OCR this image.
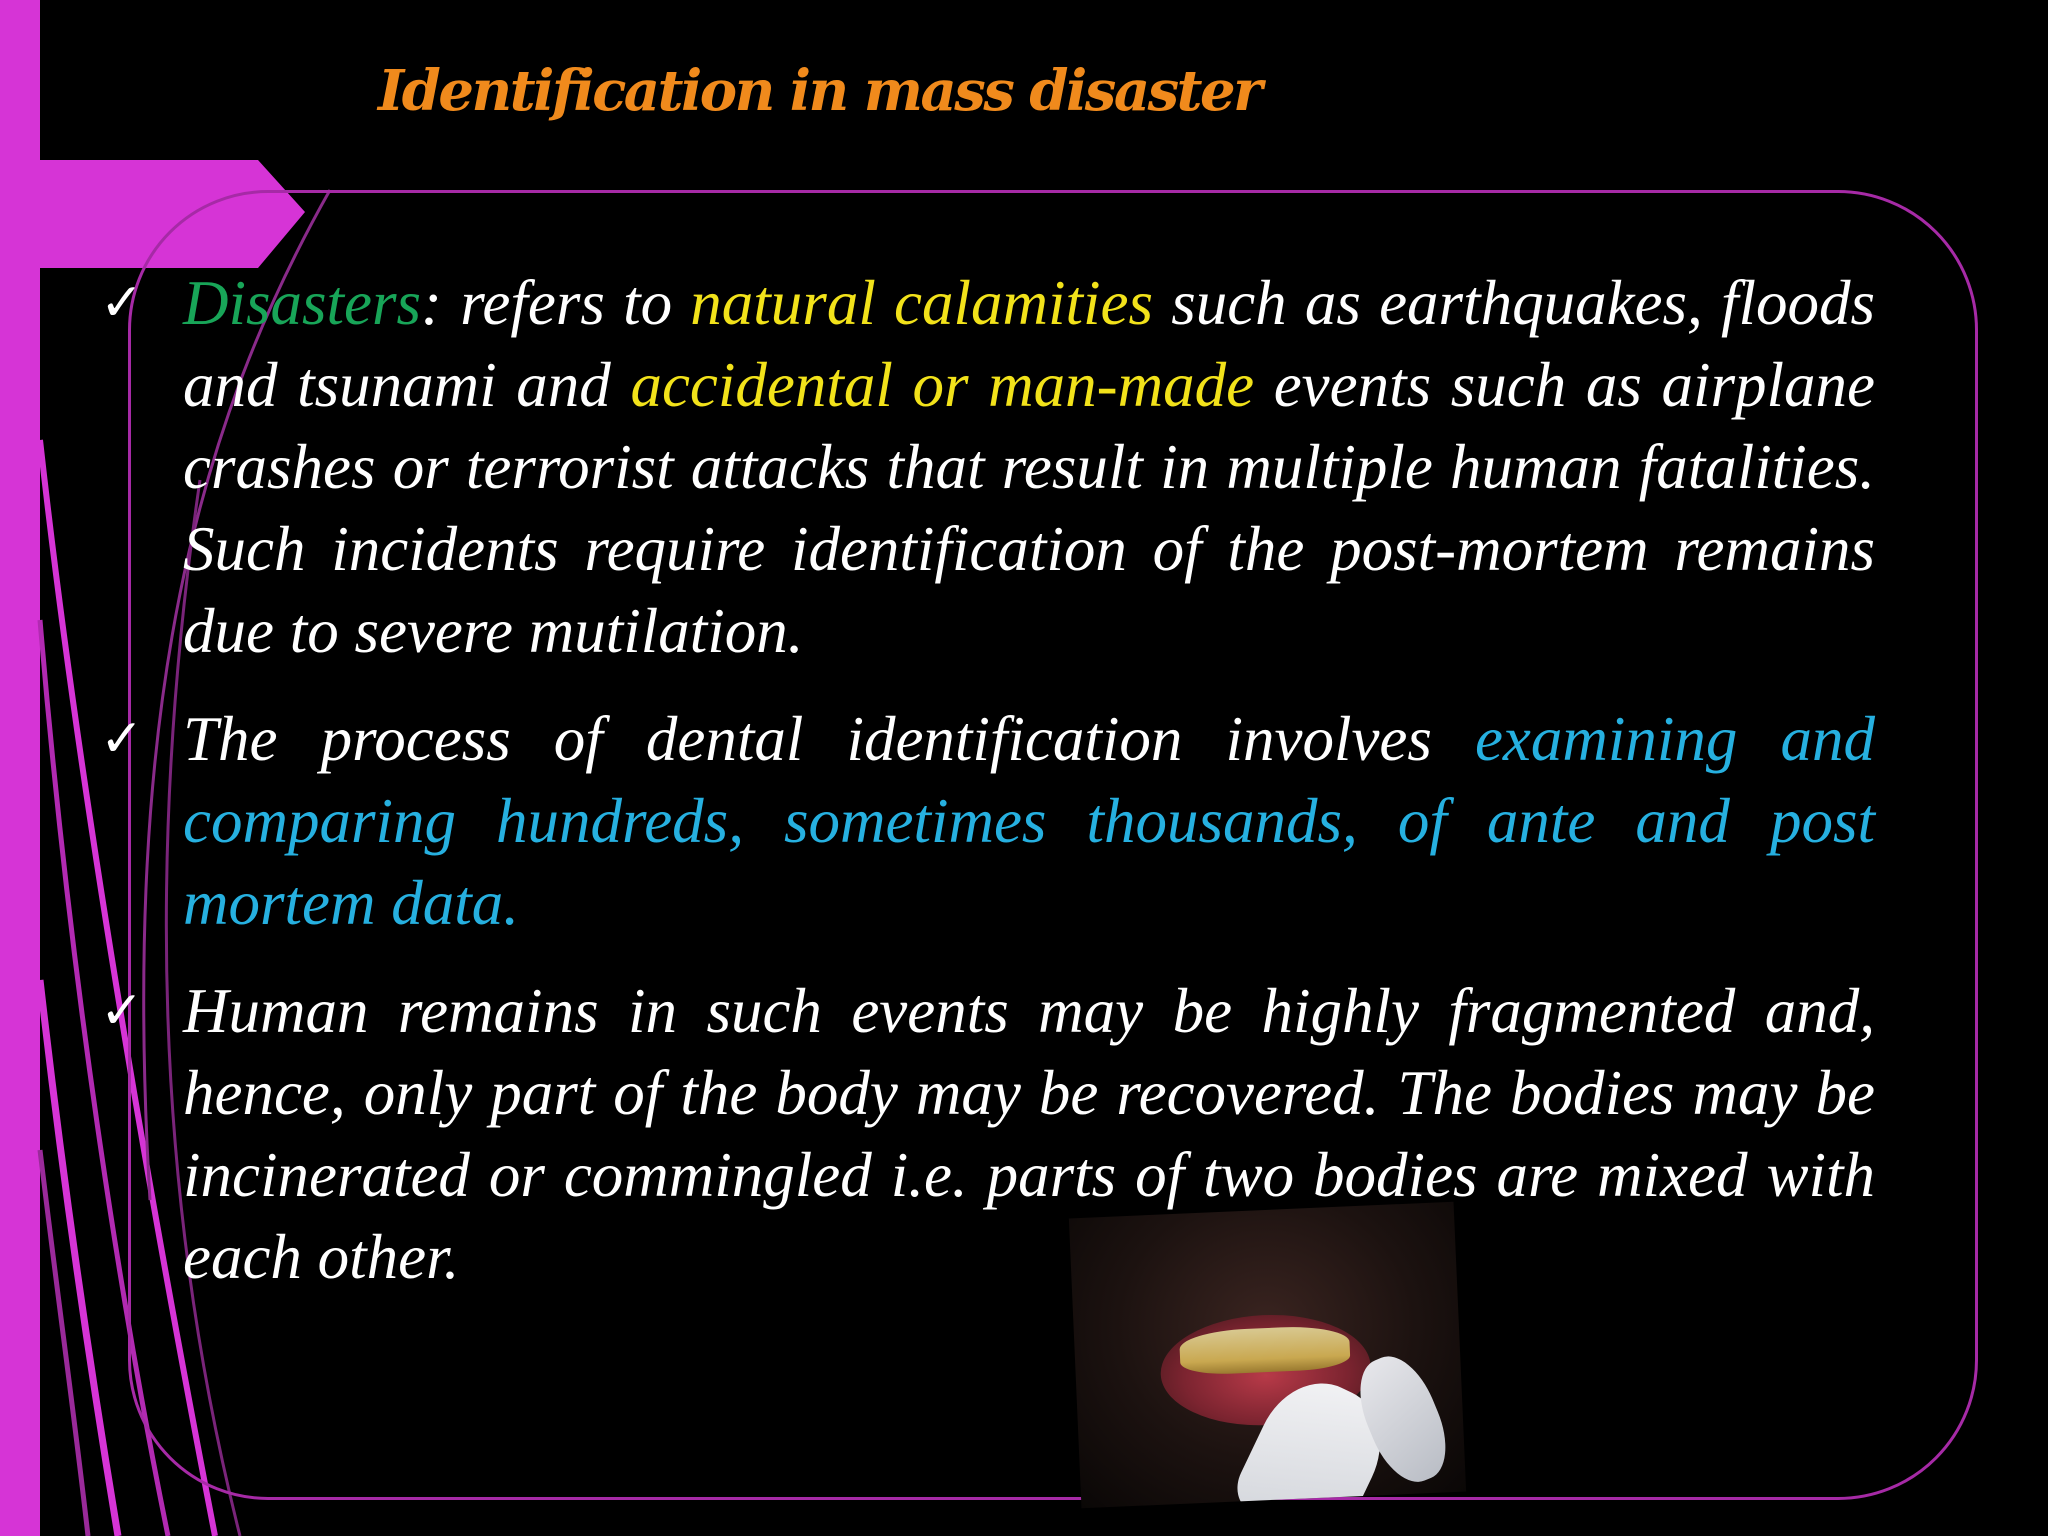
Identification in mass disaster

✓ Disasters: refers to natural calamities such as earthquakes, floods and tsunami and accidental or man-made events such as airplane crashes or terrorist attacks that result in multiple human fatalities. Such incidents require identification of the post-mortem remains due to severe mutilation.

✓ The process of dental identification involves examining and comparing hundreds, sometimes thousands, of ante and post mortem data.

✓ Human remains in such events may be highly fragmented and, hence, only part of the body may be recovered. The bodies may be incinerated or commingled i.e. parts of two bodies are mixed with each other.
